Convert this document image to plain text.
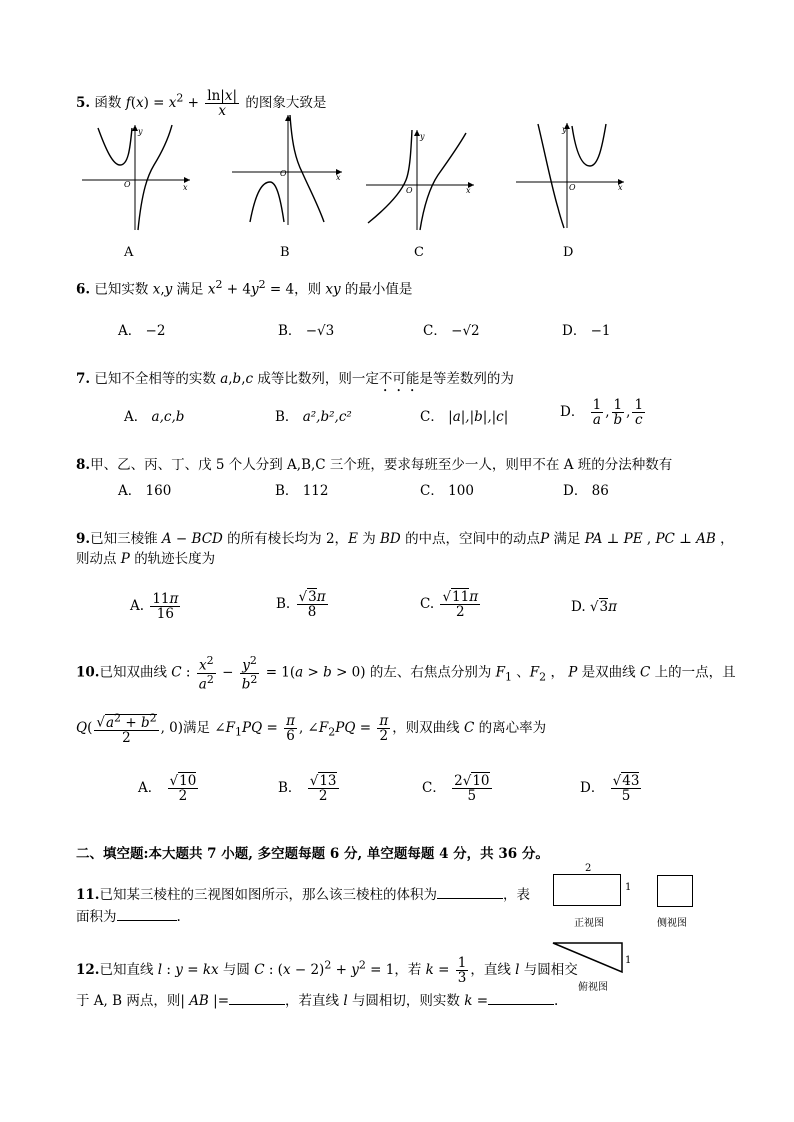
5. 函数 $f(x) = x^2 + \frac{\ln|x|}{x}$ 的图象大致是
y
x
O
A
O	x
B
y
x
O
C
y
x
O
D
6. 已知实数 x,y 满足 $x^2 + 4y^2 = 4$，则 xy 的最小值是
A． −2	B． −√3	C． −√2	D． −1
7. 已知不全相等的实数 a,b,c 成等比数列，则一定不可能是等差数列的为
A． a,c,b	B． a²,b²,c²	C． |a|,|b|,|c|	D． $\frac{1}{a}$ , $\frac{1}{b}$ , $\frac{1}{c}$
8.甲、乙、丙、丁、戊 5 个人分到 A,B,C 三个班，要求每班至少一人，则甲不在 A 班的分法种数有
A． 160	B． 112	C． 100	D． 86
9.已知三棱锥 A − BCD 的所有棱长均为 2，E 为 BD 的中点，空间中的动点P 满足 PA ⊥ PE , PC ⊥ AB ，
则动点 P 的轨迹长度为
A. $\frac{11\pi}{16}$	B. $\frac{√3\pi}{8}$	C. $\frac{√11\pi}{2}$	D. √3π
10.已知双曲线 C : $\frac{x^2}{a^2} - \frac{y^2}{b^2} = 1(a > b > 0)$ 的左、右焦点分别为 $F_1$ 、$F_2$ ， P 是双曲线 C 上的一点，且
$Q( \frac{√a^2 + b^2}{2}$ , 0)满足 $\angle F_1PQ = \frac{\pi}{6}$ , $\angle F_2PQ = \frac{\pi}{2}$ ，则双曲线 C 的离心率为
A． $\frac{√10}{2}$	B． $\frac{√13}{2}$	C． $\frac{2√10}{5}$	D． $\frac{√43}{5}$
二、填空题:本大题共 7 小题, 多空题每题 6 分, 单空题每题 4 分，共 36 分。
11.已知某三棱柱的三视图如图所示，那么该三棱柱的体积为	，表
面积为	.
2
1
正视图	侧视图
1
俯视图
12.已知直线 l : y = kx 与圆 C : $(x - 2)^2 + y^2 = 1$，若 $k = \frac{1}{3}$ ，直线 l 与圆相交
于 A, B 两点，则| AB |=	，若直线 l 与圆相切，则实数 k =	.
